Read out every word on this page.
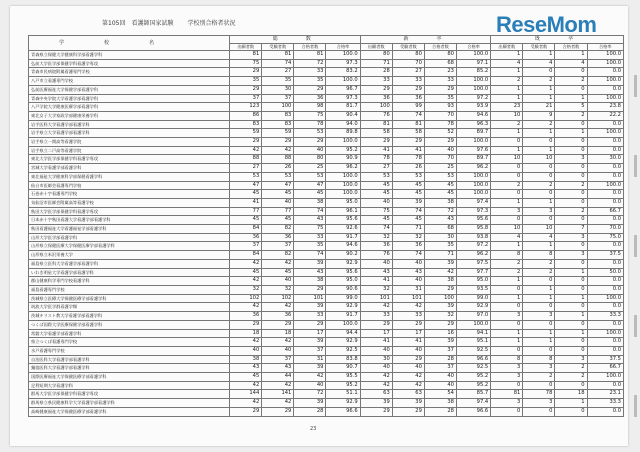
第105回　看護師国家試験 学校別合格者状況	ReseMom
学　　校　　名	総　　数				新　　卒				既　　卒			
	出願者数	受験者数	合格者数	合格率	出願者数	受験者数	合格者数	合格率	出願者数	受験者数	合格者数	合格率
青森県立保健大学健康科学部看護学科	81	81	81	100.0	80	80	80	100.0	1	1	1	100.0
弘前大学医学部保健学科看護学専攻	75	74	72	97.3	71	70	68	97.1	4	4	4	100.0
青森市民病院附属看護専門学校	29	27	33	83.2	28	27	23	85.2	1	0	0	0.0
八戸市立看護専門学校	35	35	35	100.0	33	33	33	100.0	2	2	2	100.0
弘前医療福祉大学保健学部看護学科	29	30	29	96.7	29	29	29	100.0	1	1	0	0.0
青森中央学院大学看護学部看護学科	37	37	36	97.3	36	36	35	97.2	1	1	1	100.0
八戸学院大学健康医療学部看護学科	123	100	98	81.7	100	99	93	93.9	23	21	5	23.8
東北女子大学家政学部健康栄養学科	86	83	75	90.4	76	74	70	94.6	10	9	2	22.2
岩手医科大学看護学部看護学科	83	83	78	94.0	81	81	78	96.3	2	2	0	0.0
岩手県立大学看護学部看護学科	59	59	53	89.8	58	58	52	89.7	1	1	1	100.0
岩手県立一関高等看護学院	29	29	29	100.0	29	29	29	100.0	0	0	0	0.0
岩手県立二戸高等看護学院	42	42	40	95.2	41	41	40	97.6	1	1	0	0.0
東北大学医学部保健学科看護学専攻	88	88	80	90.9	78	78	70	89.7	10	10	3	30.0
宮城大学看護学部看護学科	27	26	25	96.2	27	26	25	96.2	0	0	0	0.0
東北福祉大学健康科学部保健看護学科	53	53	53	100.0	53	53	53	100.0	0	0	0	0.0
仙台市医師会看護専門学校	47	47	47	100.0	45	45	45	100.0	2	2	2	100.0
石巻赤十字看護専門学校	45	45	45	100.0	45	45	45	100.0	0	0	0	0.0
気仙沼市医師会附属高等看護学校	41	40	38	95.0	40	39	38	97.4	1	1	0	0.0
秋田大学医学部保健学科看護学専攻	77	77	74	96.1	75	74	72	97.3	3	3	2	66.7
日本赤十字秋田看護大学看護学部看護学科	45	45	43	95.6	45	45	43	95.6	0	0	0	0.0
秋田看護福祉大学看護福祉学部看護学科	84	82	75	92.6	74	71	68	95.8	10	10	7	70.0
山形大学医学部看護学科	36	36	33	91.7	32	32	30	93.8	4	4	3	75.0
山形県立保健医療大学保健医療学部看護学科	37	37	35	94.6	36	36	35	97.2	1	1	0	0.0
山形県立米沢栄養大学	84	82	74	90.2	76	74	71	96.2	8	8	3	37.5
福島県立医科大学看護学部看護学科	42	42	39	92.9	40	40	39	97.5	2	2	0	0.0
いわき明星大学看護学部看護学科	45	45	43	95.6	43	43	42	97.7	2	2	1	50.0
郡山健康科学専門学校看護学科	42	40	38	95.0	41	40	38	95.0	1	0	0	0.0
福島看護専門学校	32	32	29	90.6	32	31	29	93.5	0	1	0	0.0
茨城県立医療大学保健医療学部看護学科	102	102	101	99.0	101	101	100	99.0	1	1	1	100.0
筑波大学医学群看護学類	42	42	39	92.9	42	42	39	92.9	0	0	0	0.0
茨城キリスト教大学看護学部看護学科	36	36	33	91.7	33	33	32	97.0	3	3	1	33.3
つくば国際大学医療保健学部看護学科	29	29	29	100.0	29	29	29	100.0	0	0	0	0.0
常磐大学看護学部看護学科	18	18	17	94.4	17	17	16	94.1	1	1	1	100.0
県立つくば看護専門学校	42	42	39	92.9	41	41	39	95.1	1	1	0	0.0
水戸看護専門学校	40	40	37	92.5	40	40	37	92.5	0	0	0	0.0
自治医科大学看護学部看護学科	38	37	31	83.8	30	29	28	96.6	8	8	3	37.5
獨協医科大学看護学部看護学科	43	43	39	90.7	40	40	37	92.5	3	3	2	66.7
国際医療福祉大学保健医療学部看護学科	45	44	42	95.5	42	42	40	95.2	3	2	2	100.0
足利短期大学看護学科	42	42	40	95.2	42	42	40	95.2	0	0	0	0.0
群馬大学医学部保健学科看護学専攻	144	141	72	51.1	63	63	54	85.7	81	78	18	23.1
群馬県立県民健康科学大学看護学部看護学科	42	42	39	92.9	39	39	38	97.4	3	3	1	33.3
高崎健康福祉大学保健医療学部看護学科	29	29	28	96.6	29	29	28	96.6	0	0	0	0.0
23
